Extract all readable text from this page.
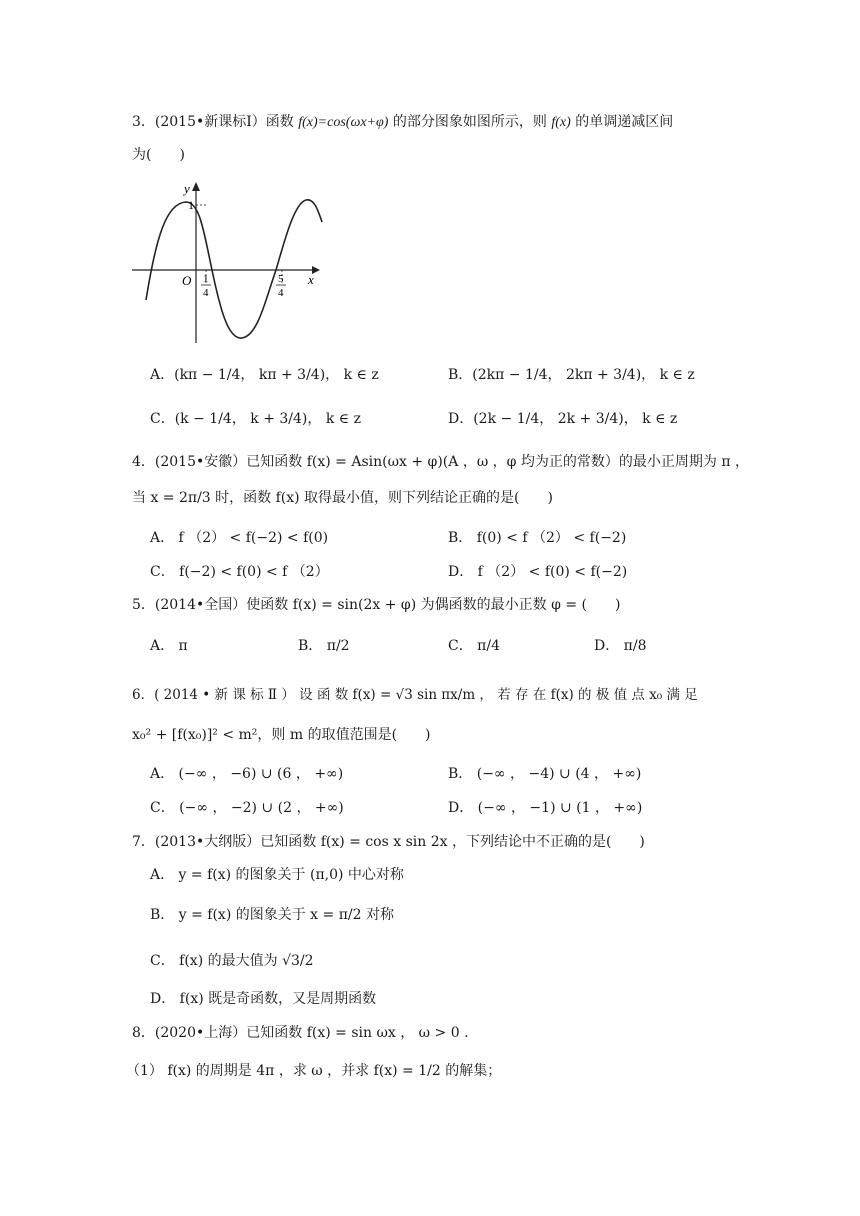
3．(2015•新课标Ⅰ）函数 f(x)=cos(ωx+φ) 的部分图象如图所示，则 f(x) 的单调递减区间
为(　　)
y
1
O	x
1
4
5
4
A．(kπ − 1/4， kπ + 3/4)， k ∈ z	B．(2kπ − 1/4， 2kπ + 3/4)， k ∈ z
C．(k − 1/4， k + 3/4)， k ∈ z	D．(2k − 1/4， 2k + 3/4)， k ∈ z
4．(2015•安徽）已知函数 f(x) = Asin(ωx + φ)(A ，ω ，φ 均为正的常数）的最小正周期为 π ，
当 x = 2π/3 时，函数 f(x) 取得最小值，则下列结论正确的是(　　)
A． f （2） < f(−2) < f(0)	B． f(0) < f （2） < f(−2)
C． f(−2) < f(0) < f （2）	D． f （2） < f(0) < f(−2)
5．(2014•全国）使函数 f(x) = sin(2x + φ) 为偶函数的最小正数 φ = (　　)
A． π	B． π/2	C． π/4	D． π/8
6．( 2014 • 新 课 标 Ⅱ ） 设 函 数 f(x) = √3 sin πx/m ， 若 存 在 f(x) 的 极 值 点 x₀ 满 足
x₀² + [f(x₀)]² < m²，则 m 的取值范围是(　　)
A． (−∞ ， −6) ∪ (6 ， +∞)	B． (−∞ ， −4) ∪ (4 ， +∞)
C． (−∞ ， −2) ∪ (2 ， +∞)	D． (−∞ ， −1) ∪ (1 ， +∞)
7．(2013•大纲版）已知函数 f(x) = cos x sin 2x ，下列结论中不正确的是(　　)
A． y = f(x) 的图象关于 (π,0) 中心对称
B． y = f(x) 的图象关于 x = π/2 对称
C． f(x) 的最大值为 √3/2
D． f(x) 既是奇函数，又是周期函数
8．(2020•上海）已知函数 f(x) = sin ωx ， ω > 0 .
（1） f(x) 的周期是 4π ，求 ω ，并求 f(x) = 1/2 的解集；
